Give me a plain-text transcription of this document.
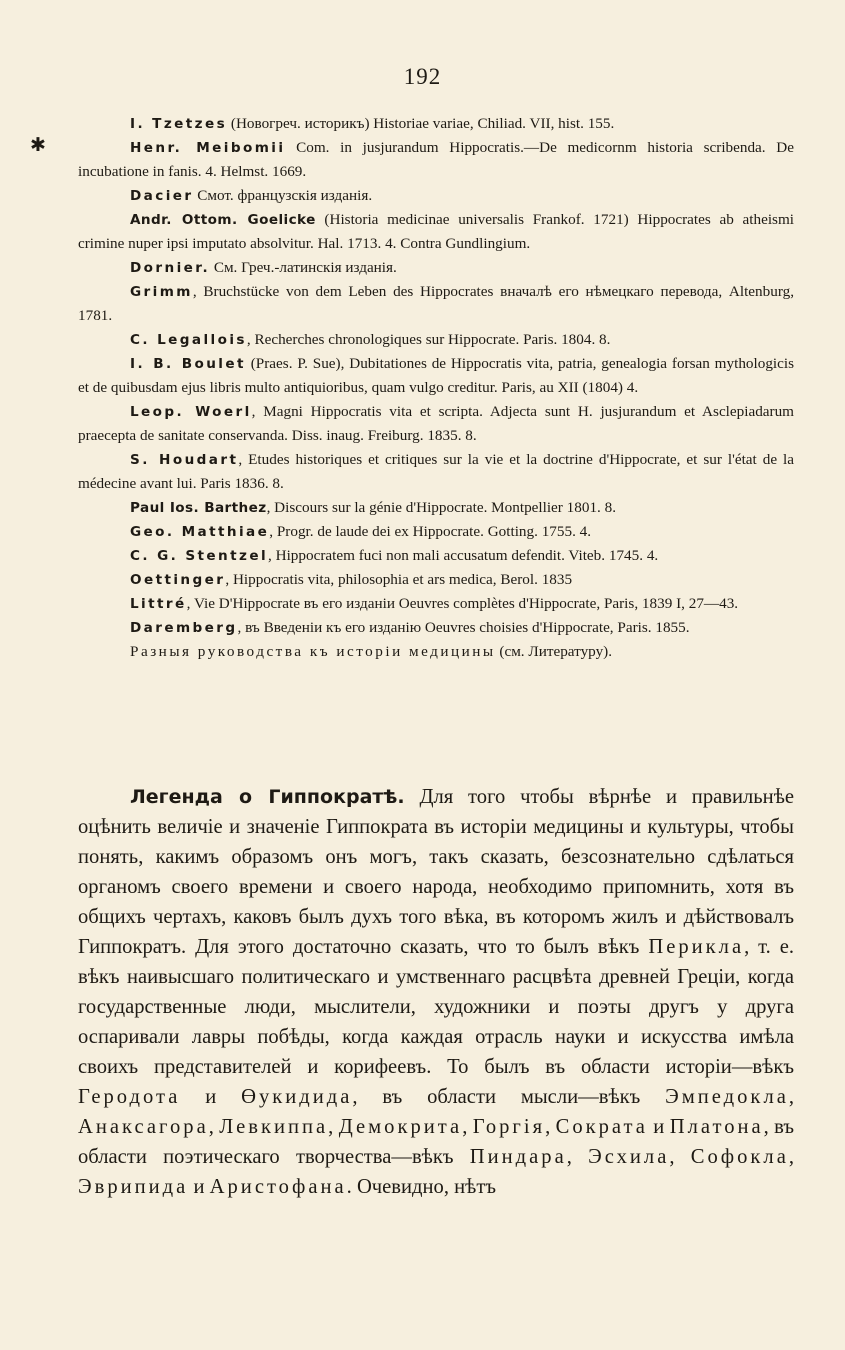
192
✱

I. Tzetzes (Новогреч. историкъ) Historiae variae, Chiliad. VII, hist. 155.

Henr. Meibomii Com. in jusjurandum Hippocratis.—De medicornm historia scribenda. De incubatione in fanis. 4. Helmst. 1669.

Dacier Смот. французскія изданія.

Andr. Ottom. Goelicke (Historia medicinae universalis Frankof. 1721) Hippocrates ab atheismi crimine nuper ipsi imputato absolvitur. Hal. 1713. 4. Contra Gundlingium.

Dornier. См. Греч.-латинскія изданія.

Grimm, Bruchstücke von dem Leben des Hippocrates вначалѣ его нѣмецкаго перевода, Altenburg, 1781.

C. Legallois, Recherches chronologiques sur Hippocrate. Paris. 1804. 8.

I. B. Boulet (Praes. P. Sue), Dubitationes de Hippocratis vita, patria, genealogia forsan mythologicis et de quibusdam ejus libris multo antiquioribus, quam vulgo creditur. Paris, au XII (1804) 4.

Leop. Woerl, Magni Hippocratis vita et scripta. Adjecta sunt H. jusjurandum et Asclepiadarum praecepta de sanitate conservanda. Diss. inaug. Freiburg. 1835. 8.

S. Houdart, Etudes historiques et critiques sur la vie et la doctrine d'Hippocrate, et sur l'état de la médecine avant lui. Paris 1836. 8.

Paul Ios. Barthez, Discours sur la génie d'Hippocrate. Montpellier 1801. 8.

Geo. Matthiae, Progr. de laude dei ex Hippocrate. Gotting. 1755. 4.

C. G. Stentzel, Hippocratem fuci non mali accusatum defendit. Viteb. 1745. 4.

Oettinger, Hippocratis vita, philosophia et ars medica, Berol. 1835

Littré, Vie D'Hippocrate въ его изданіи Oeuvres complètes d'Hippocrate, Paris, 1839 I, 27—43.

Daremberg, въ Введеніи къ его изданію Oeuvres choisies d'Hippocrate, Paris. 1855.

Разныя руководства къ исторіи медицины (см. Литературу).

Легенда о Гиппократѣ. Для того чтобы вѣрнѣе и правильнѣе оцѣнить величіе и значеніе Гиппократа въ исторіи медицины и культуры, чтобы понять, какимъ образомъ онъ могъ, такъ сказать, безсознательно сдѣлаться органомъ своего времени и своего народа, необходимо припомнить, хотя въ общихъ чертахъ, каковъ былъ духъ того вѣка, въ которомъ жилъ и дѣйствовалъ Гиппократъ. Для этого достаточно сказать, что то былъ вѣкъ Перикла, т. е. вѣкъ наивысшаго политическаго и умственнаго расцвѣта древней Греціи, когда государственные люди, мыслители, художники и поэты другъ у друга оспаривали лавры побѣды, когда каждая отрасль науки и искусства имѣла своихъ представителей и корифеевъ. То былъ въ области исторіи—вѣкъ Геродота и Өукидида, въ области мысли—вѣкъ Эмпедокла, Анаксагора, Левкиппа, Демокрита, Горгія, Сократа и Платона, въ области поэтическаго творчества—вѣкъ Пиндара, Эсхила, Софокла, Эврипида и Аристофана. Очевидно, нѣтъ
